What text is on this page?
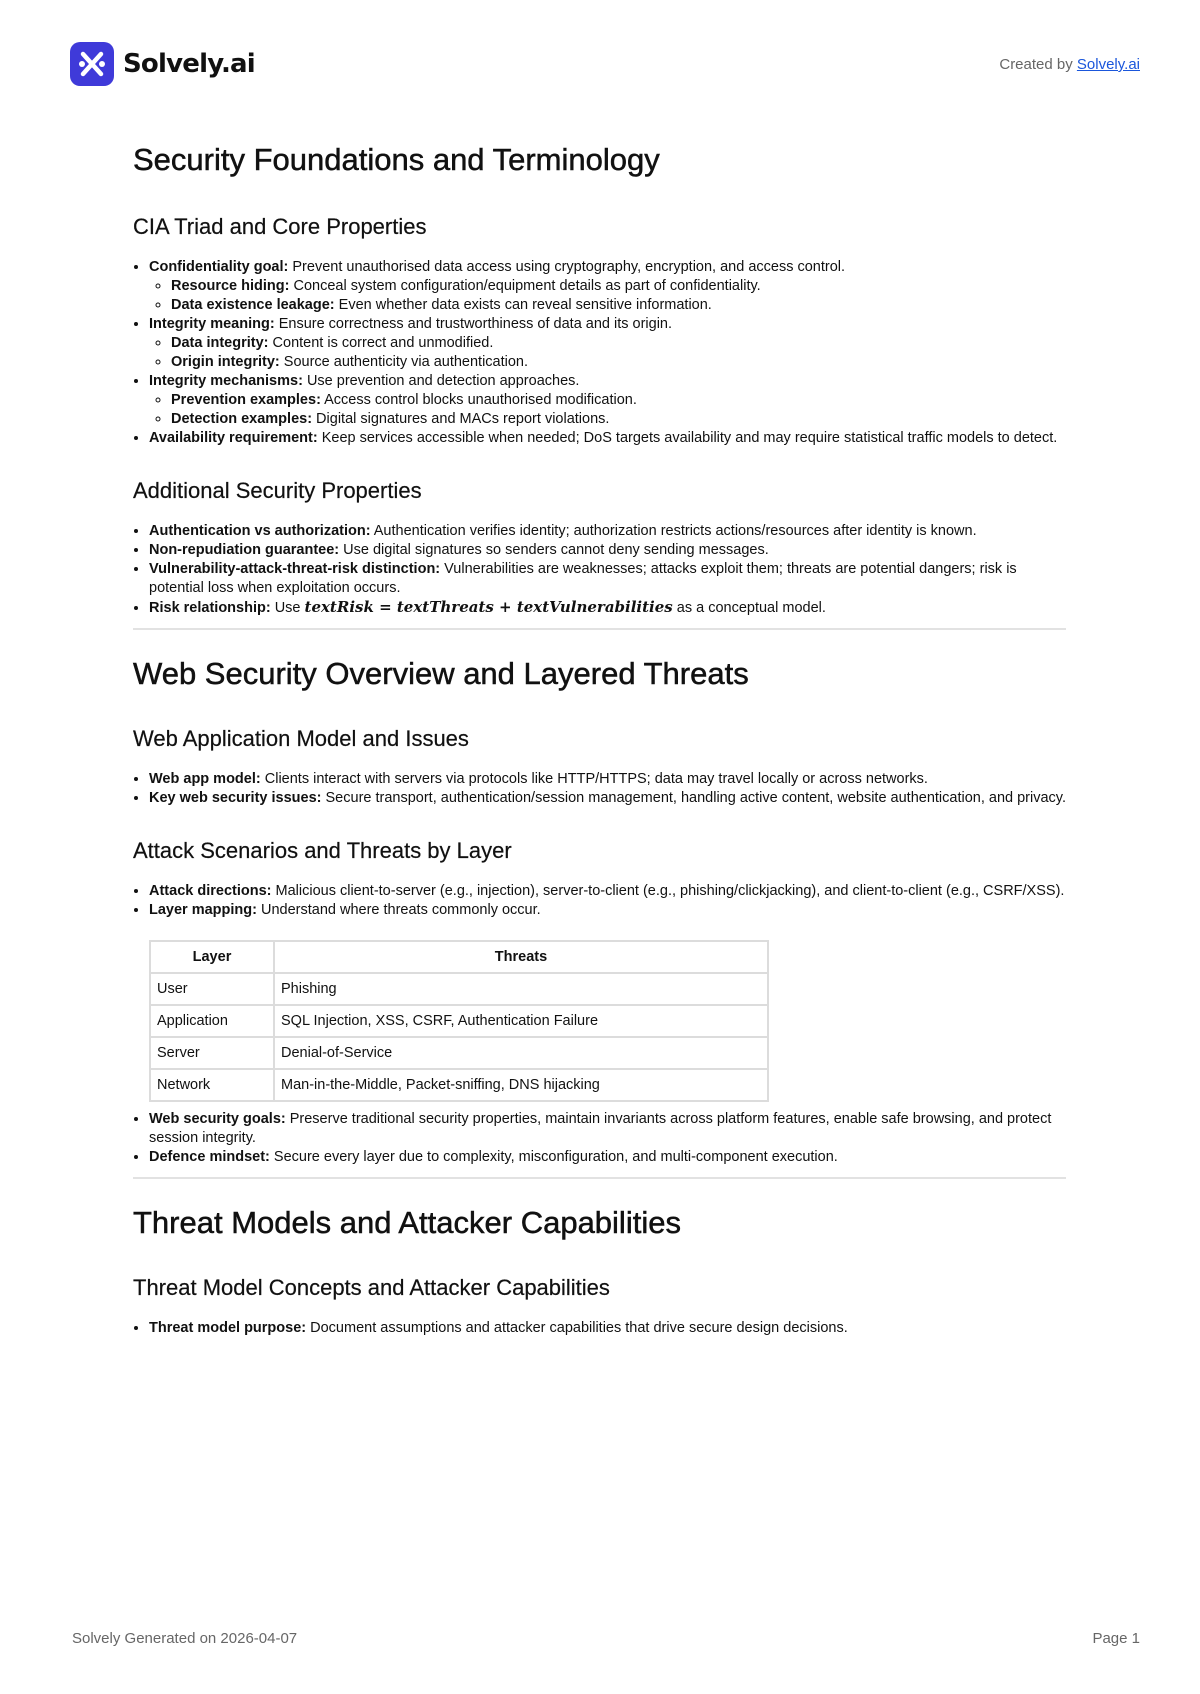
Solvely.ai	Created by Solvely.ai
Security Foundations and Terminology
CIA Triad and Core Properties
• Confidentiality goal: Prevent unauthorised data access using cryptography, encryption, and access control.
◦ Resource hiding: Conceal system configuration/equipment details as part of confidentiality.
◦ Data existence leakage: Even whether data exists can reveal sensitive information.
• Integrity meaning: Ensure correctness and trustworthiness of data and its origin.
◦ Data integrity: Content is correct and unmodified.
◦ Origin integrity: Source authenticity via authentication.
• Integrity mechanisms: Use prevention and detection approaches.
◦ Prevention examples: Access control blocks unauthorised modification.
◦ Detection examples: Digital signatures and MACs report violations.
• Availability requirement: Keep services accessible when needed; DoS targets availability and may require statistical traffic models to detect.
Additional Security Properties
• Authentication vs authorization: Authentication verifies identity; authorization restricts actions/resources after identity is known.
• Non-repudiation guarantee: Use digital signatures so senders cannot deny sending messages.
• Vulnerability-attack-threat-risk distinction: Vulnerabilities are weaknesses; attacks exploit them; threats are potential dangers; risk is potential loss when exploitation occurs.
• Risk relationship: Use textRisk = textThreats + textVulnerabilities as a conceptual model.
Web Security Overview and Layered Threats
Web Application Model and Issues
• Web app model: Clients interact with servers via protocols like HTTP/HTTPS; data may travel locally or across networks.
• Key web security issues: Secure transport, authentication/session management, handling active content, website authentication, and privacy.
Attack Scenarios and Threats by Layer
• Attack directions: Malicious client-to-server (e.g., injection), server-to-client (e.g., phishing/clickjacking), and client-to-client (e.g., CSRF/XSS).
• Layer mapping: Understand where threats commonly occur.
Layer	Threats
User	Phishing
Application	SQL Injection, XSS, CSRF, Authentication Failure
Server	Denial-of-Service
Network	Man-in-the-Middle, Packet-sniffing, DNS hijacking
• Web security goals: Preserve traditional security properties, maintain invariants across platform features, enable safe browsing, and protect session integrity.
• Defence mindset: Secure every layer due to complexity, misconfiguration, and multi-component execution.
Threat Models and Attacker Capabilities
Threat Model Concepts and Attacker Capabilities
• Threat model purpose: Document assumptions and attacker capabilities that drive secure design decisions.
Solvely Generated on 2026-04-07	Page 1
